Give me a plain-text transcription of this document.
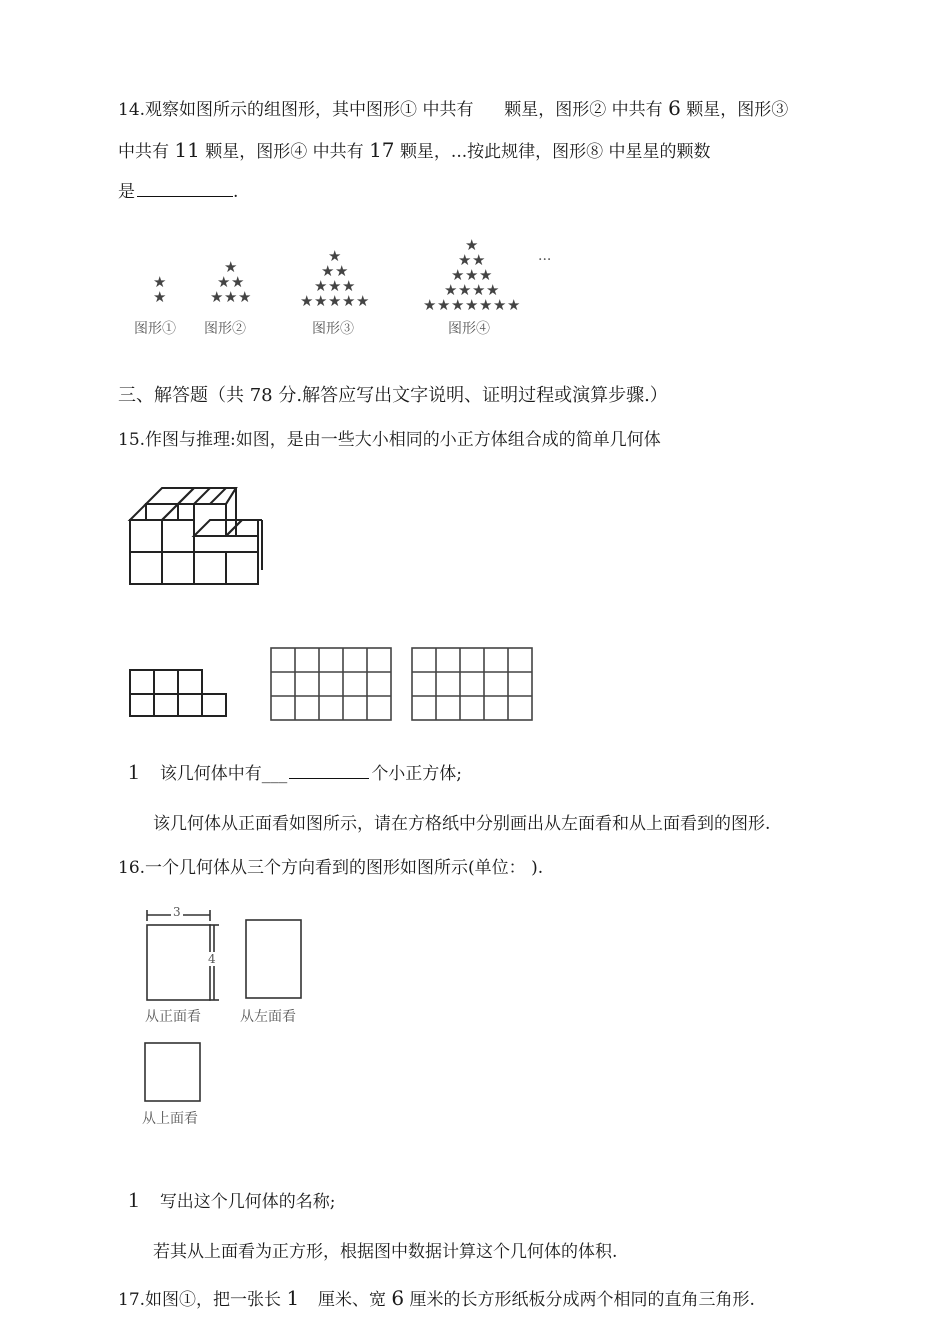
14.观察如图所示的组图形，其中图形① 中共有 颗星，图形② 中共有 6 颗星，图形③
中共有 11 颗星，图形④ 中共有 17 颗星，...按此规律，图形⑧ 中星星的颗数
是	.
★
★
★
★ ★
★ ★ ★
★
★ ★
★ ★ ★
★ ★ ★ ★ ★
★
★ ★
★ ★ ★
★ ★ ★ ★
★ ★ ★ ★ ★ ★ ★
图形① 图形②	图形③	图形④
...
三、解答题（共 78 分.解答应写出文字说明、证明过程或演算步骤.）
15.作图与推理:如图，是由一些大小相同的小正方体组合成的简单几何体
1 该几何体中有___	个小正方体;
该几何体从正面看如图所示，请在方格纸中分别画出从左面看和从上面看到的图形.
16.一个几何体从三个方向看到的图形如图所示(单位： ).
3
4
从正面看	从左面看
从上面看
1 写出这个几何体的名称;
若其从上面看为正方形，根据图中数据计算这个几何体的体积.
17.如图①，把一张长 1 厘米、宽 6 厘米的长方形纸板分成两个相同的直角三角形.
